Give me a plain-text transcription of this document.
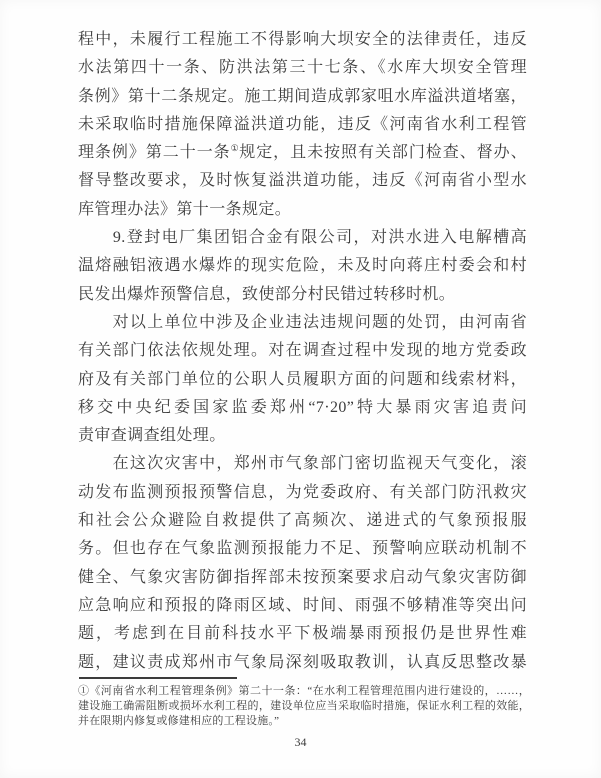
程中，未履行工程施工不得影响大坝安全的法律责任，违反
水法第四十一条、防洪法第三十七条、《水库大坝安全管理
条例》第十二条规定。施工期间造成郭家咀水库溢洪道堵塞，
未采取临时措施保障溢洪道功能，违反《河南省水利工程管
理条例》第二十一条①规定，且未按照有关部门检查、督办、
督导整改要求，及时恢复溢洪道功能，违反《河南省小型水
库管理办法》第十一条规定。
　　9.登封电厂集团铝合金有限公司，对洪水进入电解槽高
温熔融铝液遇水爆炸的现实危险，未及时向蒋庄村委会和村
民发出爆炸预警信息，致使部分村民错过转移时机。
　　对以上单位中涉及企业违法违规问题的处罚，由河南省
有关部门依法依规处理。对在调查过程中发现的地方党委政
府及有关部门单位的公职人员履职方面的问题和线索材料，
移交中央纪委国家监委郑州“7·20”特大暴雨灾害追责问
责审查调查组处理。
　　在这次灾害中，郑州市气象部门密切监视天气变化，滚
动发布监测预报预警信息，为党委政府、有关部门防汛救灾
和社会公众避险自救提供了高频次、递进式的气象预报服
务。但也存在气象监测预报能力不足、预警响应联动机制不
健全、气象灾害防御指挥部未按预案要求启动气象灾害防御
应急响应和预报的降雨区域、时间、雨强不够精准等突出问
题，考虑到在目前科技水平下极端暴雨预报仍是世界性难
题，建议责成郑州市气象局深刻吸取教训，认真反思整改暴
①《河南省水利工程管理条例》第二十一条：“在水利工程管理范围内进行建设的，……，
建设施工确需阻断或损坏水利工程的，建设单位应当采取临时措施，保证水利工程的效能，
并在限期内修复或修建相应的工程设施。”
34
